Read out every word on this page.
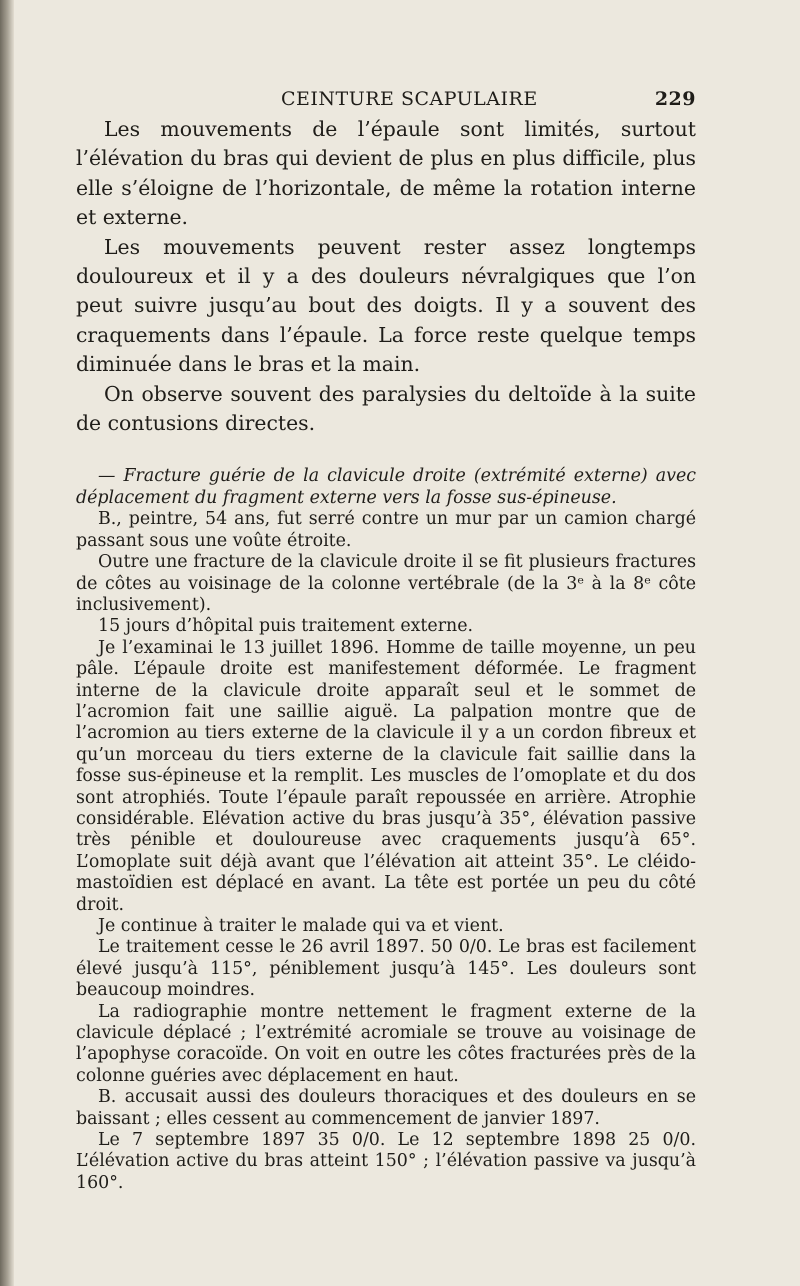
CEINTURE SCAPULAIRE	229

Les mouvements de l’épaule sont limités, surtout l’élévation du bras qui devient de plus en plus difficile, plus elle s’éloigne de l’horizontale, de même la rotation interne et externe.

Les mouvements peuvent rester assez longtemps douloureux et il y a des douleurs névralgiques que l’on peut suivre jusqu’au bout des doigts. Il y a souvent des craquements dans l’épaule. La force reste quelque temps diminuée dans le bras et la main.

On observe souvent des paralysies du deltoïde à la suite de contusions directes.

— Fracture guérie de la clavicule droite (extrémité externe) avec déplacement du fragment externe vers la fosse sus-épineuse.

B., peintre, 54 ans, fut serré contre un mur par un camion chargé passant sous une voûte étroite.

Outre une fracture de la clavicule droite il se fit plusieurs fractures de côtes au voisinage de la colonne vertébrale (de la 3ᵉ à la 8ᵉ côte inclusivement).

15 jours d’hôpital puis traitement externe.

Je l’examinai le 13 juillet 1896. Homme de taille moyenne, un peu pâle. L’épaule droite est manifestement déformée. Le fragment interne de la clavicule droite apparaît seul et le sommet de l’acromion fait une saillie aiguë. La palpation montre que de l’acromion au tiers externe de la clavicule il y a un cordon fibreux et qu’un morceau du tiers externe de la clavicule fait saillie dans la fosse sus-épineuse et la remplit. Les muscles de l’omoplate et du dos sont atrophiés. Toute l’épaule paraît repoussée en arrière. Atrophie considérable. Elévation active du bras jusqu’à 35°, élévation passive très pénible et douloureuse avec craquements jusqu’à 65°. L’omoplate suit déjà avant que l’élévation ait atteint 35°. Le cléido-mastoïdien est déplacé en avant. La tête est portée un peu du côté droit.

Je continue à traiter le malade qui va et vient.

Le traitement cesse le 26 avril 1897. 50 0/0. Le bras est facilement élevé jusqu’à 115°, péniblement jusqu’à 145°. Les douleurs sont beaucoup moindres.

La radiographie montre nettement le fragment externe de la clavicule déplacé ; l’extrémité acromiale se trouve au voisinage de l’apophyse coracoïde. On voit en outre les côtes fracturées près de la colonne guéries avec déplacement en haut.

B. accusait aussi des douleurs thoraciques et des douleurs en se baissant ; elles cessent au commencement de janvier 1897.

Le 7 septembre 1897 35 0/0. Le 12 septembre 1898 25 0/0. L’élévation active du bras atteint 150° ; l’élévation passive va jusqu’à 160°.
